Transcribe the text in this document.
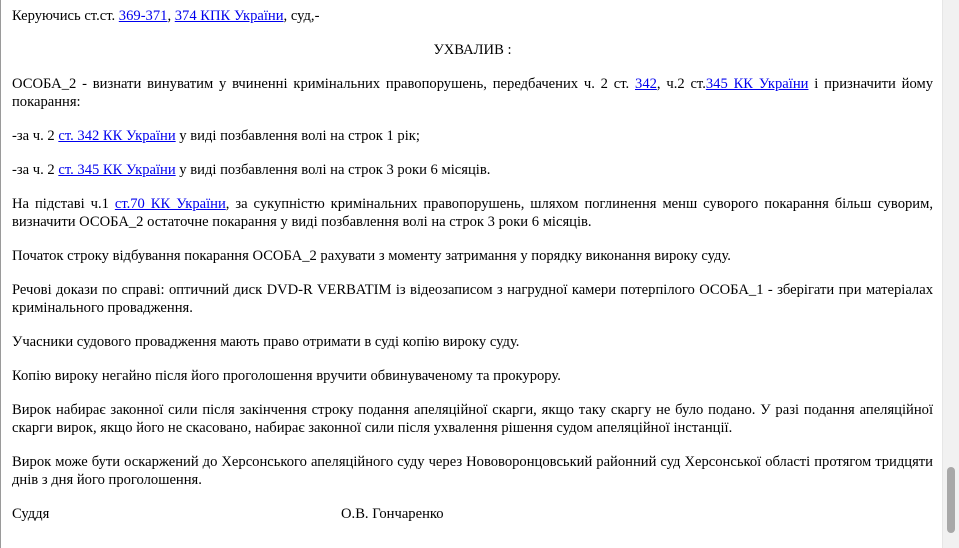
Керуючись ст.ст. 369-371, 374 КПК України, суд,-

УХВАЛИВ :

ОСОБА_2 - визнати винуватим у вчиненні кримінальних правопорушень, передбачених ч. 2 ст. 342, ч.2 ст.345 КК України і призначити йому покарання:

-за ч. 2 ст. 342 КК України у виді позбавлення волі на строк 1 рік;

-за ч. 2 ст. 345 КК України у виді позбавлення волі на строк 3 роки 6 місяців.

На підставі ч.1 ст.70 КК України, за сукупністю кримінальних правопорушень, шляхом поглинення менш суворого покарання більш суворим, визначити ОСОБА_2 остаточне покарання у виді позбавлення волі на строк 3 роки 6 місяців.

Початок строку відбування покарання ОСОБА_2 рахувати з моменту затримання у порядку виконання вироку суду.

Речові докази по справі: оптичний диск DVD-R VERBATIM із відеозаписом з нагрудної камери потерпілого ОСОБА_1 - зберігати при матеріалах кримінального провадження.

Учасники судового провадження мають право отримати в суді копію вироку суду.

Копію вироку негайно після його проголошення вручити обвинуваченому та прокурору.

Вирок набирає законної сили після закінчення строку подання апеляційної скарги, якщо таку скаргу не було подано. У разі подання апеляційної скарги вирок, якщо його не скасовано, набирає законної сили після ухвалення рішення судом апеляційної інстанції.

Вирок може бути оскаржений до Херсонського апеляційного суду через Нововоронцовський районний суд Херсонської області протягом тридцяти днів з дня його проголошення.

Суддя	О.В. Гончаренко
